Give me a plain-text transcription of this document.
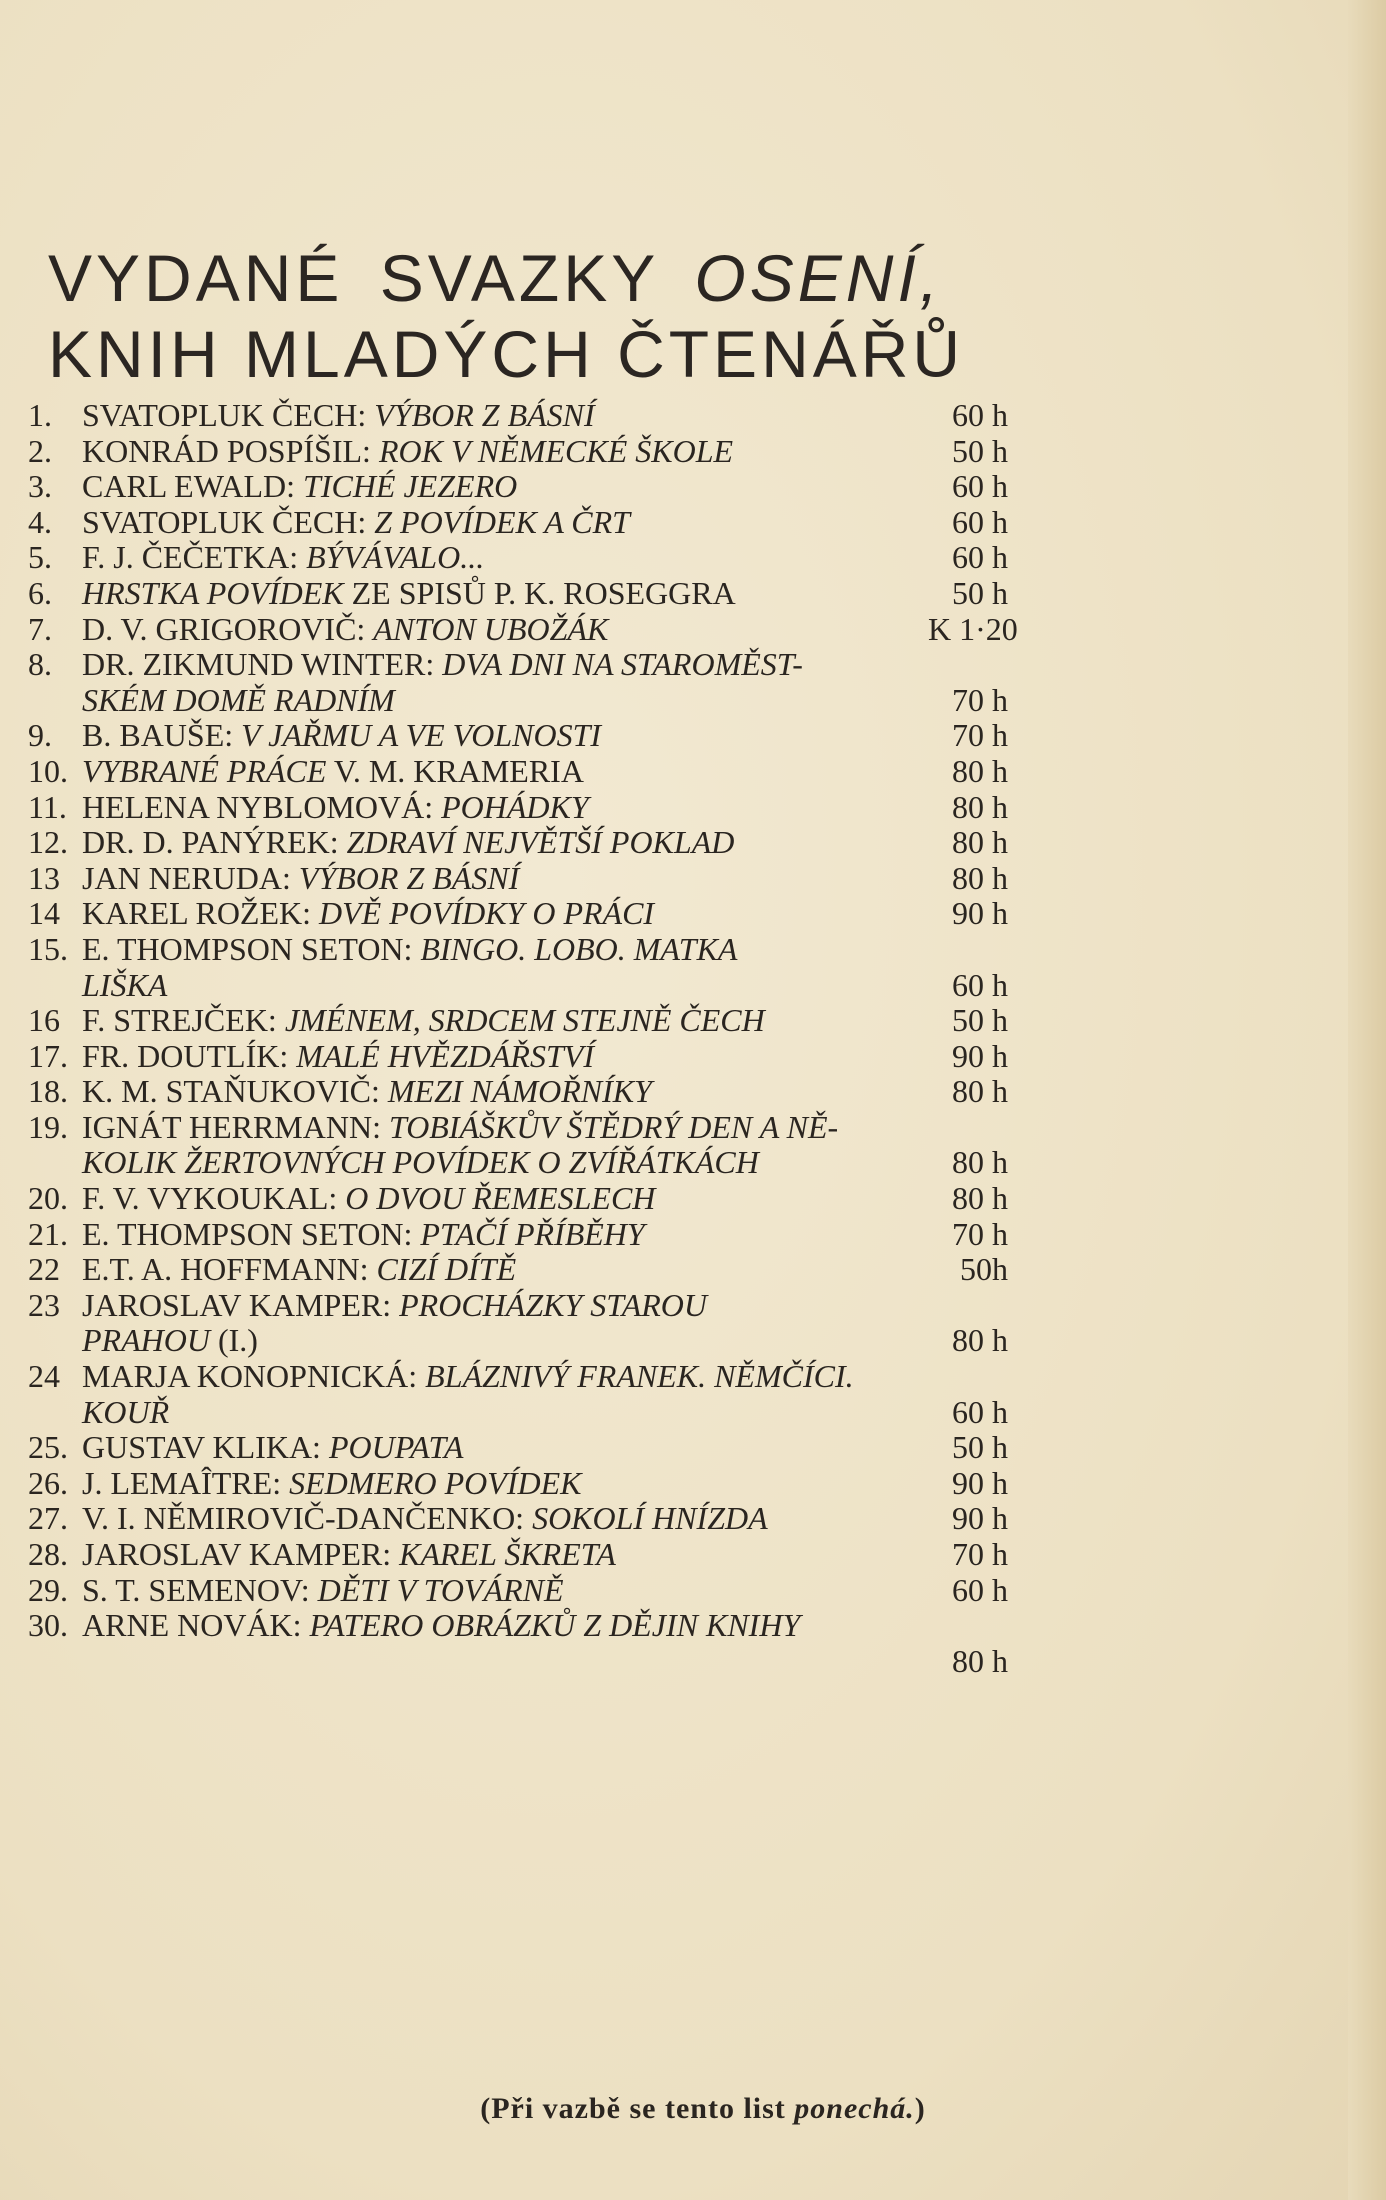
VYDANÉ SVAZKY OSENÍ,
KNIH MLADÝCH ČTENÁŘŮ
1. SVATOPLUK ČECH: VÝBOR Z BÁSNÍ	60 h
2. KONRÁD POSPÍŠIL: ROK V NĚMECKÉ ŠKOLE	50 h
3. CARL EWALD: TICHÉ JEZERO	60 h
4. SVATOPLUK ČECH: Z POVÍDEK A ČRT	60 h
5. F. J. ČEČETKA: BÝVÁVALO...	60 h
6. HRSTKA POVÍDEK ZE SPISŮ P. K. ROSEGGRA	50 h
7. D. V. GRIGOROVIČ: ANTON UBOŽÁK	K 1·20
8. DR. ZIKMUND WINTER: DVA DNI NA STAROMĚST-
SKÉM DOMĚ RADNÍM	70 h
9. B. BAUŠE: V JAŘMU A VE VOLNOSTI	70 h
10. VYBRANÉ PRÁCE V. M. KRAMERIA	80 h
11. HELENA NYBLOMOVÁ: POHÁDKY	80 h
12. DR. D. PANÝREK: ZDRAVÍ NEJVĚTŠÍ POKLAD	80 h
13 JAN NERUDA: VÝBOR Z BÁSNÍ	80 h
14 KAREL ROŽEK: DVĚ POVÍDKY O PRÁCI	90 h
15. E. THOMPSON SETON: BINGO. LOBO. MATKA
LIŠKA	60 h
16 F. STREJČEK: JMÉNEM, SRDCEM STEJNĚ ČECH	50 h
17. FR. DOUTLÍK: MALÉ HVĚZDÁŘSTVÍ	90 h
18. K. M. STAŇUKOVIČ: MEZI NÁMOŘNÍKY	80 h
19. IGNÁT HERRMANN: TOBIÁŠKŮV ŠTĚDRÝ DEN A NĚ-
KOLIK ŽERTOVNÝCH POVÍDEK O ZVÍŘÁTKÁCH	80 h
20. F. V. VYKOUKAL: O DVOU ŘEMESLECH	80 h
21. E. THOMPSON SETON: PTAČÍ PŘÍBĚHY	70 h
22 E.T. A. HOFFMANN: CIZÍ DÍTĚ	50h
23 JAROSLAV KAMPER: PROCHÁZKY STAROU
PRAHOU (I.)	80 h
24 MARJA KONOPNICKÁ: BLÁZNIVÝ FRANEK. NĚMČÍCI.
KOUŘ	60 h
25. GUSTAV KLIKA: POUPATA	50 h
26. J. LEMAÎTRE: SEDMERO POVÍDEK	90 h
27. V. I. NĚMIROVIČ-DANČENKO: SOKOLÍ HNÍZDA	90 h
28. JAROSLAV KAMPER: KAREL ŠKRETA	70 h
29. S. T. SEMENOV: DĚTI V TOVÁRNĚ	60 h
30. ARNE NOVÁK: PATERO OBRÁZKŮ Z DĚJIN KNIHY
80 h
(Při vazbě se tento list ponechá.)
